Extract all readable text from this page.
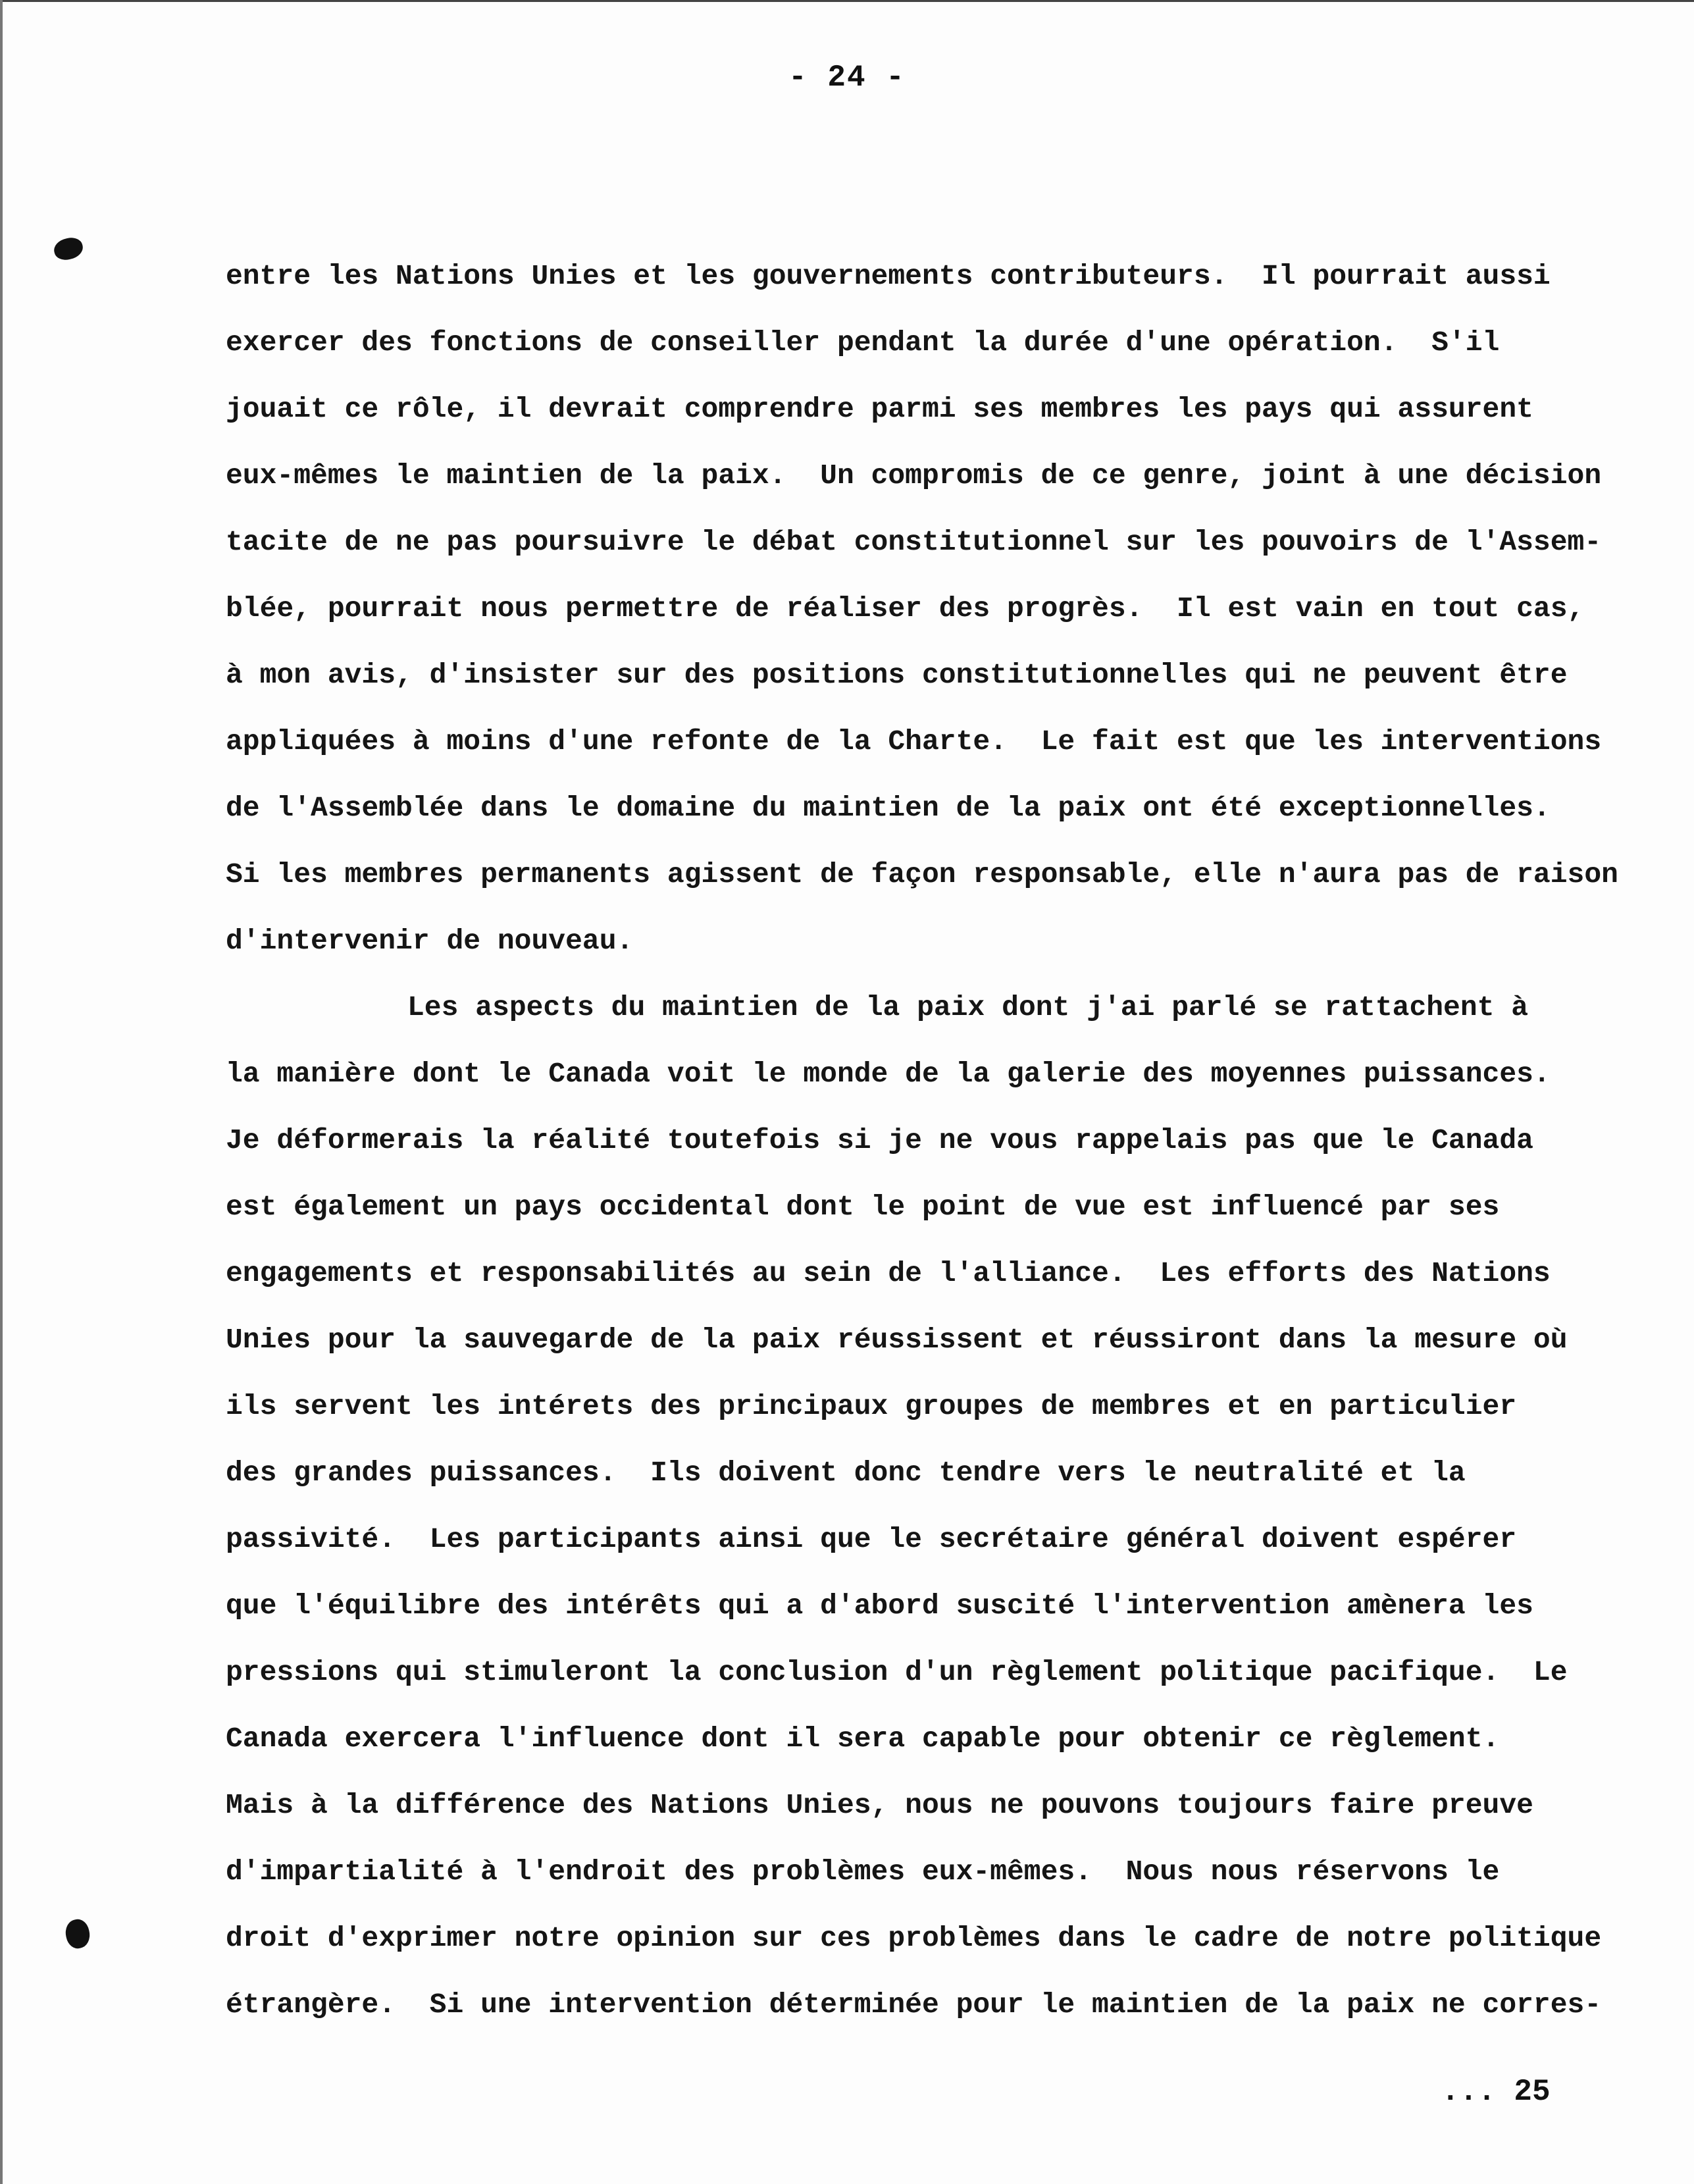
- 24 -
entre les Nations Unies et les gouvernements contributeurs.  Il pourrait aussi
exercer des fonctions de conseiller pendant la durée d'une opération.  S'il
jouait ce rôle, il devrait comprendre parmi ses membres les pays qui assurent
eux-mêmes le maintien de la paix.  Un compromis de ce genre, joint à une décision
tacite de ne pas poursuivre le débat constitutionnel sur les pouvoirs de l'Assem-
blée, pourrait nous permettre de réaliser des progrès.  Il est vain en tout cas,
à mon avis, d'insister sur des positions constitutionnelles qui ne peuvent être
appliquées à moins d'une refonte de la Charte.  Le fait est que les interventions
de l'Assemblée dans le domaine du maintien de la paix ont été exceptionnelles.
Si les membres permanents agissent de façon responsable, elle n'aura pas de raison
d'intervenir de nouveau.
Les aspects du maintien de la paix dont j'ai parlé se rattachent à
la manière dont le Canada voit le monde de la galerie des moyennes puissances.
Je déformerais la réalité toutefois si je ne vous rappelais pas que le Canada
est également un pays occidental dont le point de vue est influencé par ses
engagements et responsabilités au sein de l'alliance.  Les efforts des Nations
Unies pour la sauvegarde de la paix réussissent et réussiront dans la mesure où
ils servent les intérets des principaux groupes de membres et en particulier
des grandes puissances.  Ils doivent donc tendre vers le neutralité et la
passivité.  Les participants ainsi que le secrétaire général doivent espérer
que l'équilibre des intérêts qui a d'abord suscité l'intervention amènera les
pressions qui stimuleront la conclusion d'un règlement politique pacifique.  Le
Canada exercera l'influence dont il sera capable pour obtenir ce règlement.
Mais à la différence des Nations Unies, nous ne pouvons toujours faire preuve
d'impartialité à l'endroit des problèmes eux-mêmes.  Nous nous réservons le
droit d'exprimer notre opinion sur ces problèmes dans le cadre de notre politique
étrangère.  Si une intervention déterminée pour le maintien de la paix ne corres-
... 25
